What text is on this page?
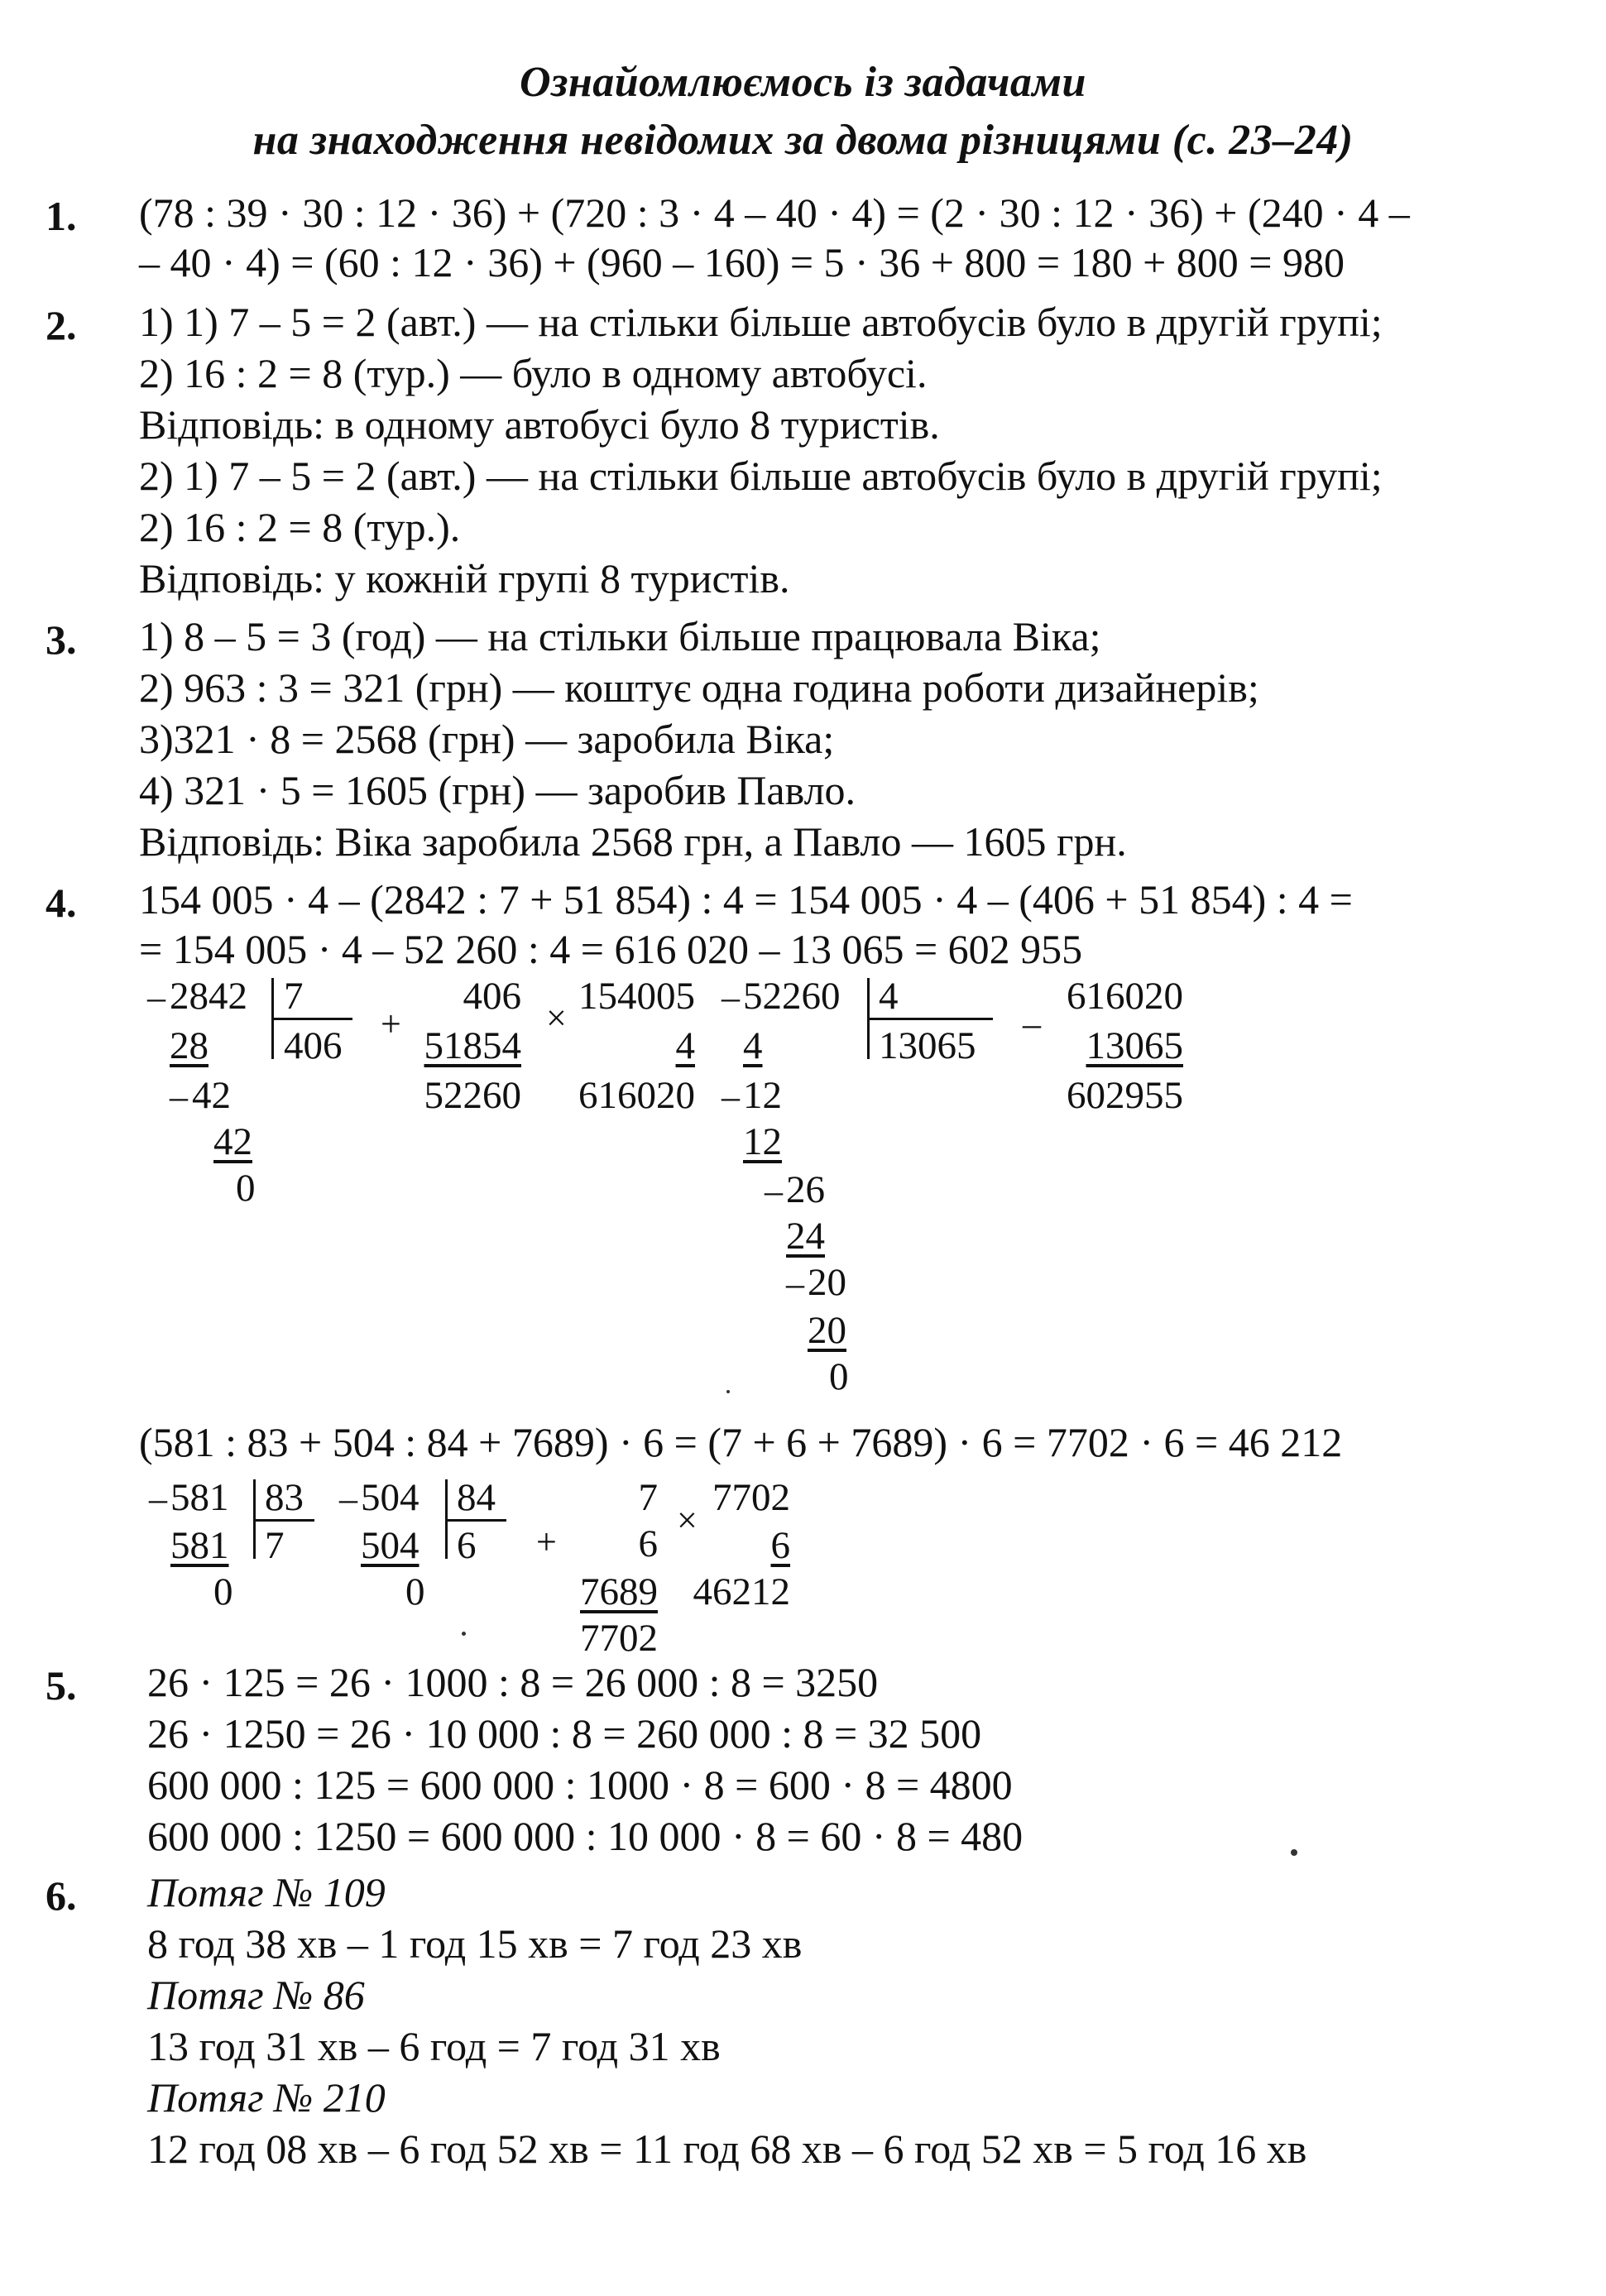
Ознайомлюємось із задачами
на знаходження невідомих за двома різницями (с. 23–24)
1. (78 : 39 · 30 : 12 · 36) + (720 : 3 · 4 – 40 · 4) = (2 · 30 : 12 · 36) + (240 · 4 –
– 40 · 4) = (60 : 12 · 36) + (960 – 160) = 5 · 36 + 800 = 180 + 800 = 980
2. 1) 1) 7 – 5 = 2 (авт.) — на стільки більше автобусів було в другій групі;
2) 16 : 2 = 8 (тур.) — було в одному автобусі.
Відповідь: в одному автобусі було 8 туристів.
2) 1) 7 – 5 = 2 (авт.) — на стільки більше автобусів було в другій групі;
2) 16 : 2 = 8 (тур.).
Відповідь: у кожній групі 8 туристів.
3. 1) 8 – 5 = 3 (год) — на стільки більше працювала Віка;
2) 963 : 3 = 321 (грн) — коштує одна година роботи дизайнерів;
3)321 · 8 = 2568 (грн) — заробила Віка;
4) 321 · 5 = 1605 (грн) — заробив Павло.
Відповідь: Віка заробила 2568 грн, а Павло — 1605 грн.
4. 154 005 · 4 – (2842 : 7 + 51 854) : 4 = 154 005 · 4 – (406 + 51 854) : 4 =
= 154 005 · 4 – 52 260 : 4 = 616 020 – 13 065 = 602 955
– 2842 7
406
28
– 42
42
0
+
406
51854
52260
×
154005
4
616020
– 52260 4
13065
4
– 12
12
– 26
24
– 20
20
0
–
616020
13065
602955
(581 : 83 + 504 : 84 + 7689) · 6 = (7 + 6 + 7689) · 6 = 7702 · 6 = 46 212
– 581 83
7
581
0
– 504 84
6
504
0
+
7
6
7689
7702
×
7702
6
46212
5. 26 · 125 = 26 · 1000 : 8 = 26 000 : 8 = 3250
26 · 1250 = 26 · 10 000 : 8 = 260 000 : 8 = 32 500
600 000 : 125 = 600 000 : 1000 · 8 = 600 · 8 = 4800
600 000 : 1250 = 600 000 : 10 000 · 8 = 60 · 8 = 480
6. Потяг № 109
8 год 38 хв – 1 год 15 хв = 7 год 23 хв
Потяг № 86
13 год 31 хв – 6 год = 7 год 31 хв
Потяг № 210
12 год 08 хв – 6 год 52 хв = 11 год 68 хв – 6 год 52 хв = 5 год 16 хв
